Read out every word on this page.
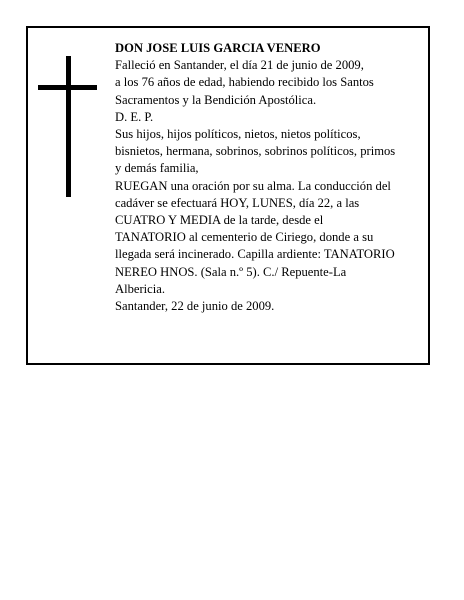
DON JOSE LUIS GARCIA VENERO
Falleció en Santander, el día 21 de junio de 2009,
a los 76 años de edad, habiendo recibido los Santos
Sacramentos y la Bendición Apostólica.
D. E. P.
Sus hijos, hijos políticos, nietos, nietos políticos,
bisnietos, hermana, sobrinos, sobrinos políticos, primos
y demás familia,
RUEGAN una oración por su alma. La conducción del
cadáver se efectuará HOY, LUNES, día 22, a las
CUATRO Y MEDIA de la tarde, desde el
TANATORIO al cementerio de Ciriego, donde a su
llegada será incinerado. Capilla ardiente: TANATORIO
NEREO HNOS. (Sala n.º 5). C./ Repuente-La
Albericia.
Santander, 22 de junio de 2009.
